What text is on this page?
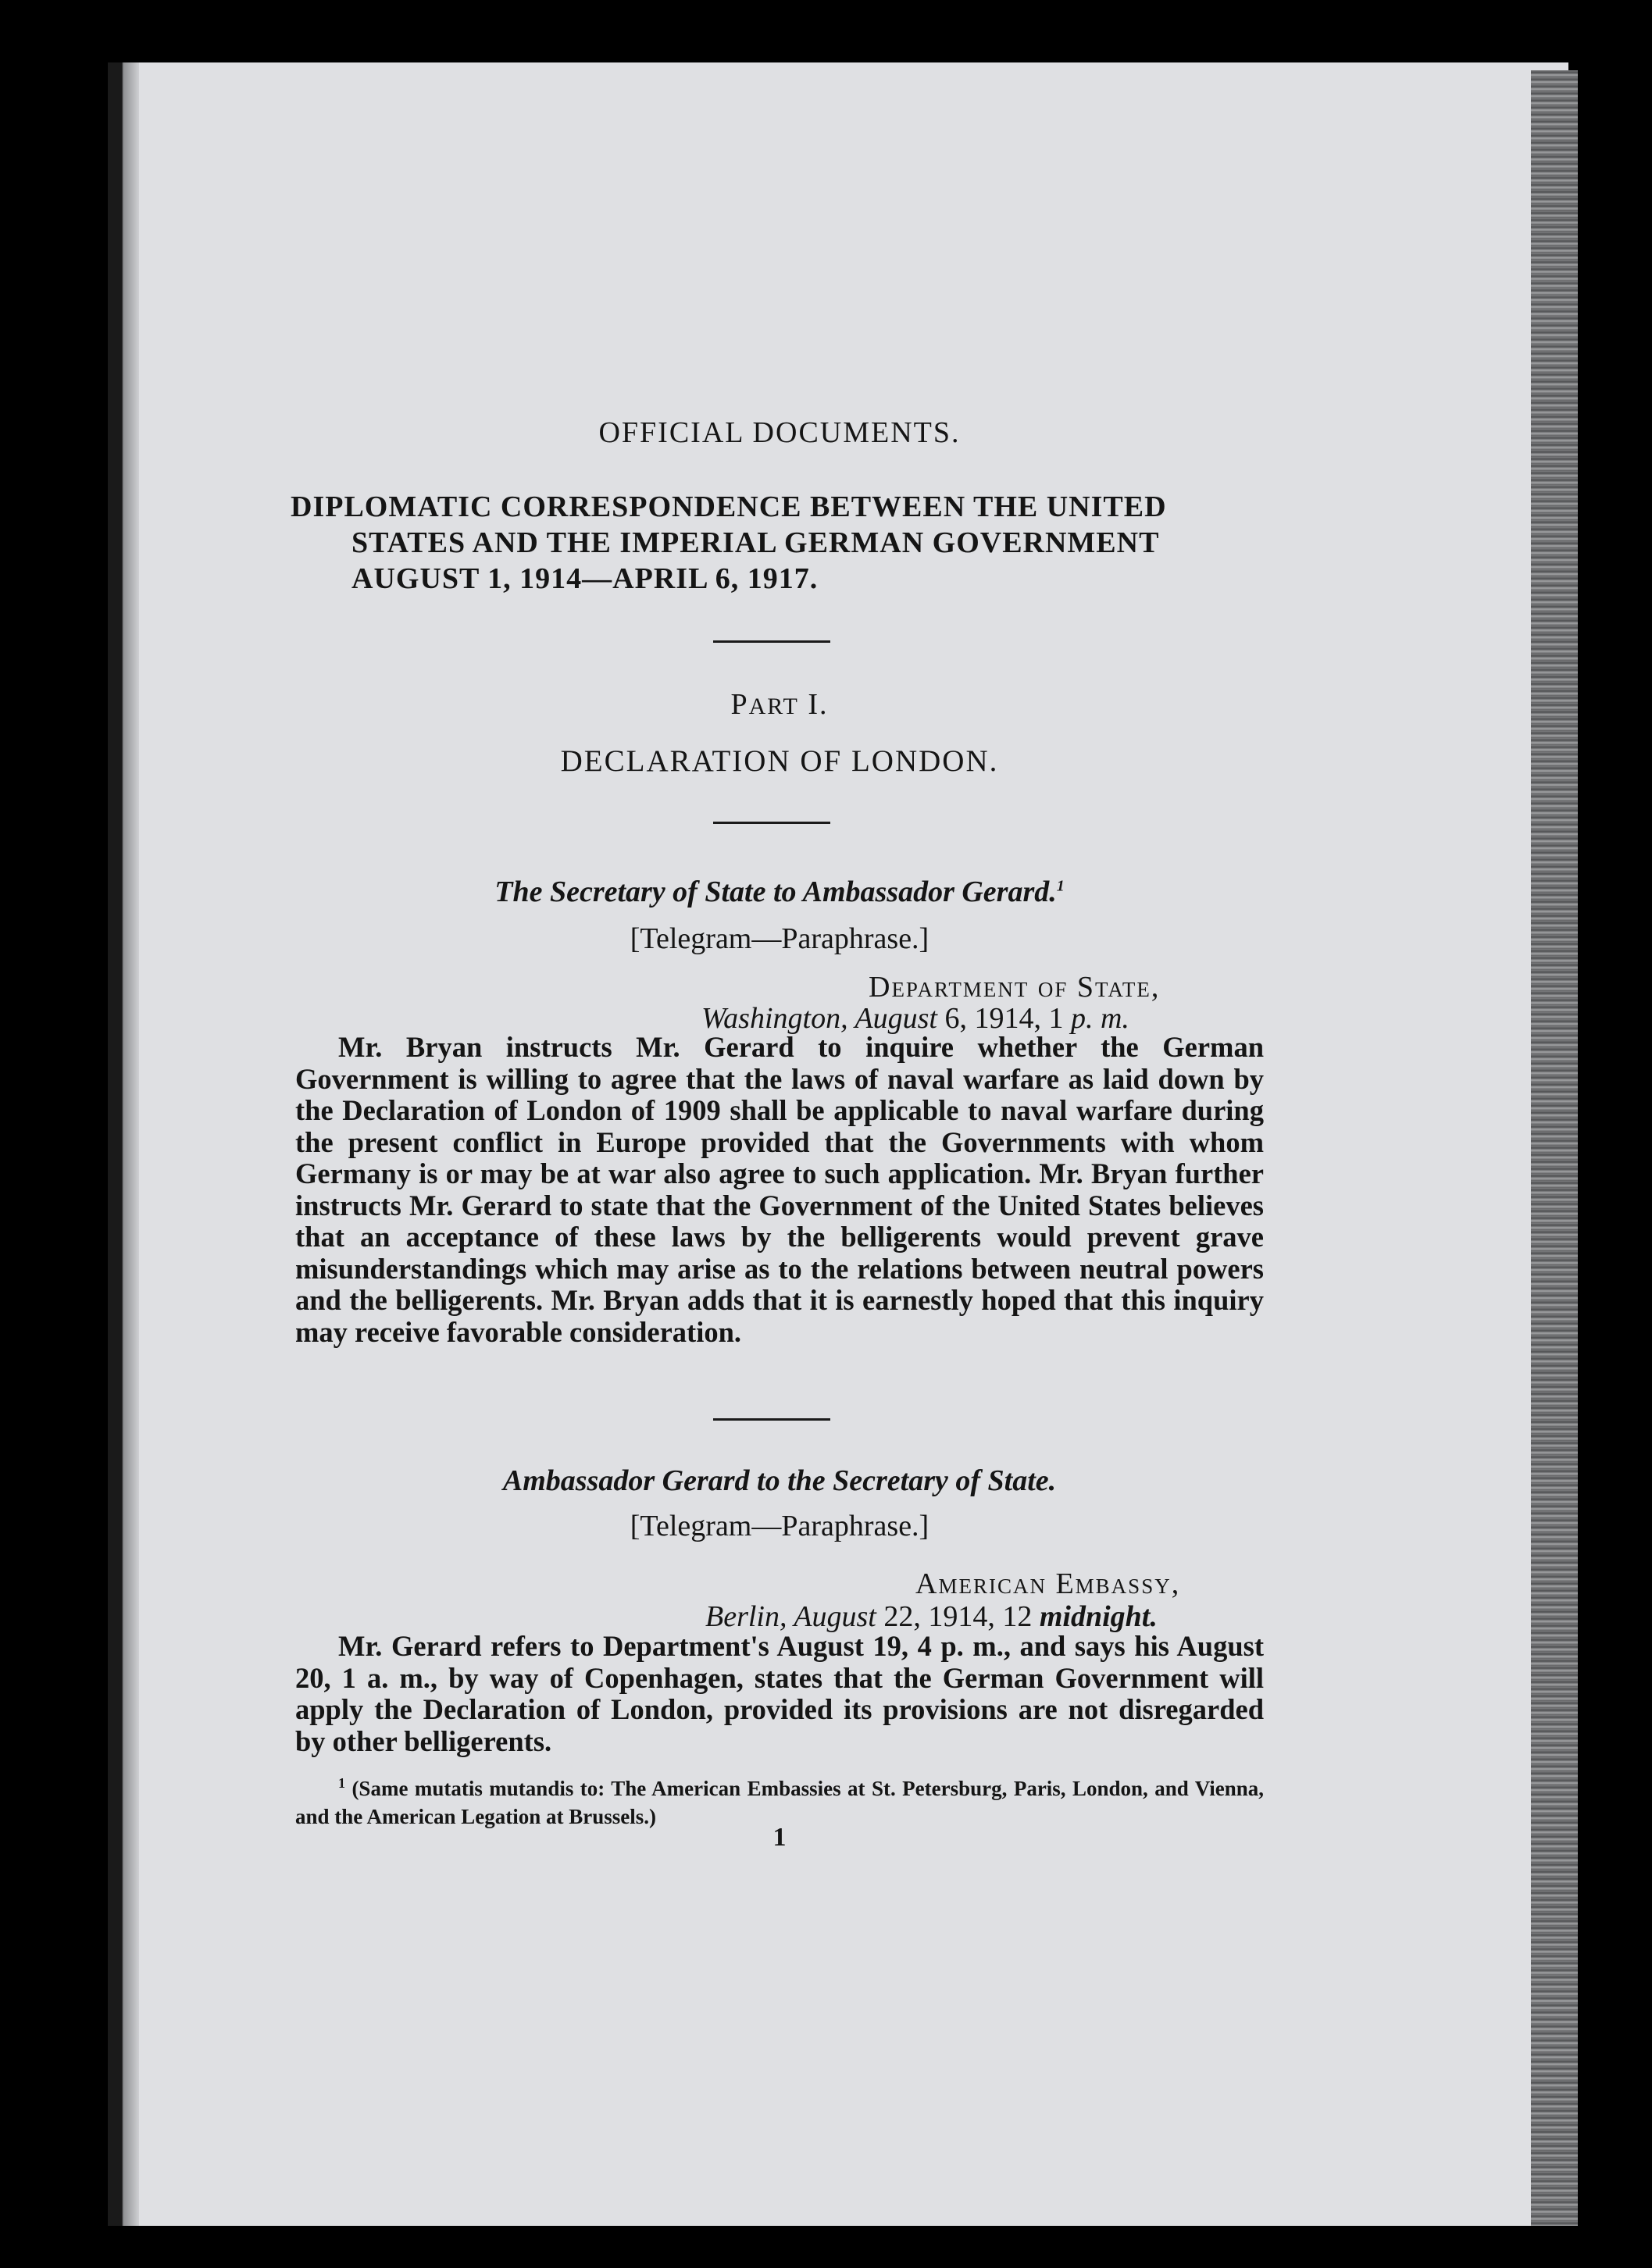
OFFICIAL DOCUMENTS.
DIPLOMATIC CORRESPONDENCE BETWEEN THE UNITED
STATES AND THE IMPERIAL GERMAN GOVERNMENT
AUGUST 1, 1914—APRIL 6, 1917.
PART I.
DECLARATION OF LONDON.
The Secretary of State to Ambassador Gerard.$^1$
[Telegram—Paraphrase.]
Department of State,
Washington, August 6, 1914, 1 p. m.
Mr. Bryan instructs Mr. Gerard to inquire whether the German Government is willing to agree that the laws of naval warfare as laid down by the Declaration of London of 1909 shall be applicable to naval warfare during the present conflict in Europe provided that the Governments with whom Germany is or may be at war also agree to such application. Mr. Bryan further instructs Mr. Gerard to state that the Government of the United States believes that an acceptance of these laws by the belligerents would prevent grave misunderstandings which may arise as to the relations between neutral powers and the belligerents. Mr. Bryan adds that it is earnestly hoped that this inquiry may receive favorable consideration.
Ambassador Gerard to the Secretary of State.
[Telegram—Paraphrase.]
American Embassy,
Berlin, August 22, 1914, 12 midnight.
Mr. Gerard refers to Department's August 19, 4 p. m., and says his August 20, 1 a. m., by way of Copenhagen, states that the German Government will apply the Declaration of London, provided its provisions are not disregarded by other belligerents.
$^1$ (Same mutatis mutandis to: The American Embassies at St. Petersburg, Paris, London, and Vienna, and the American Legation at Brussels.)
1
